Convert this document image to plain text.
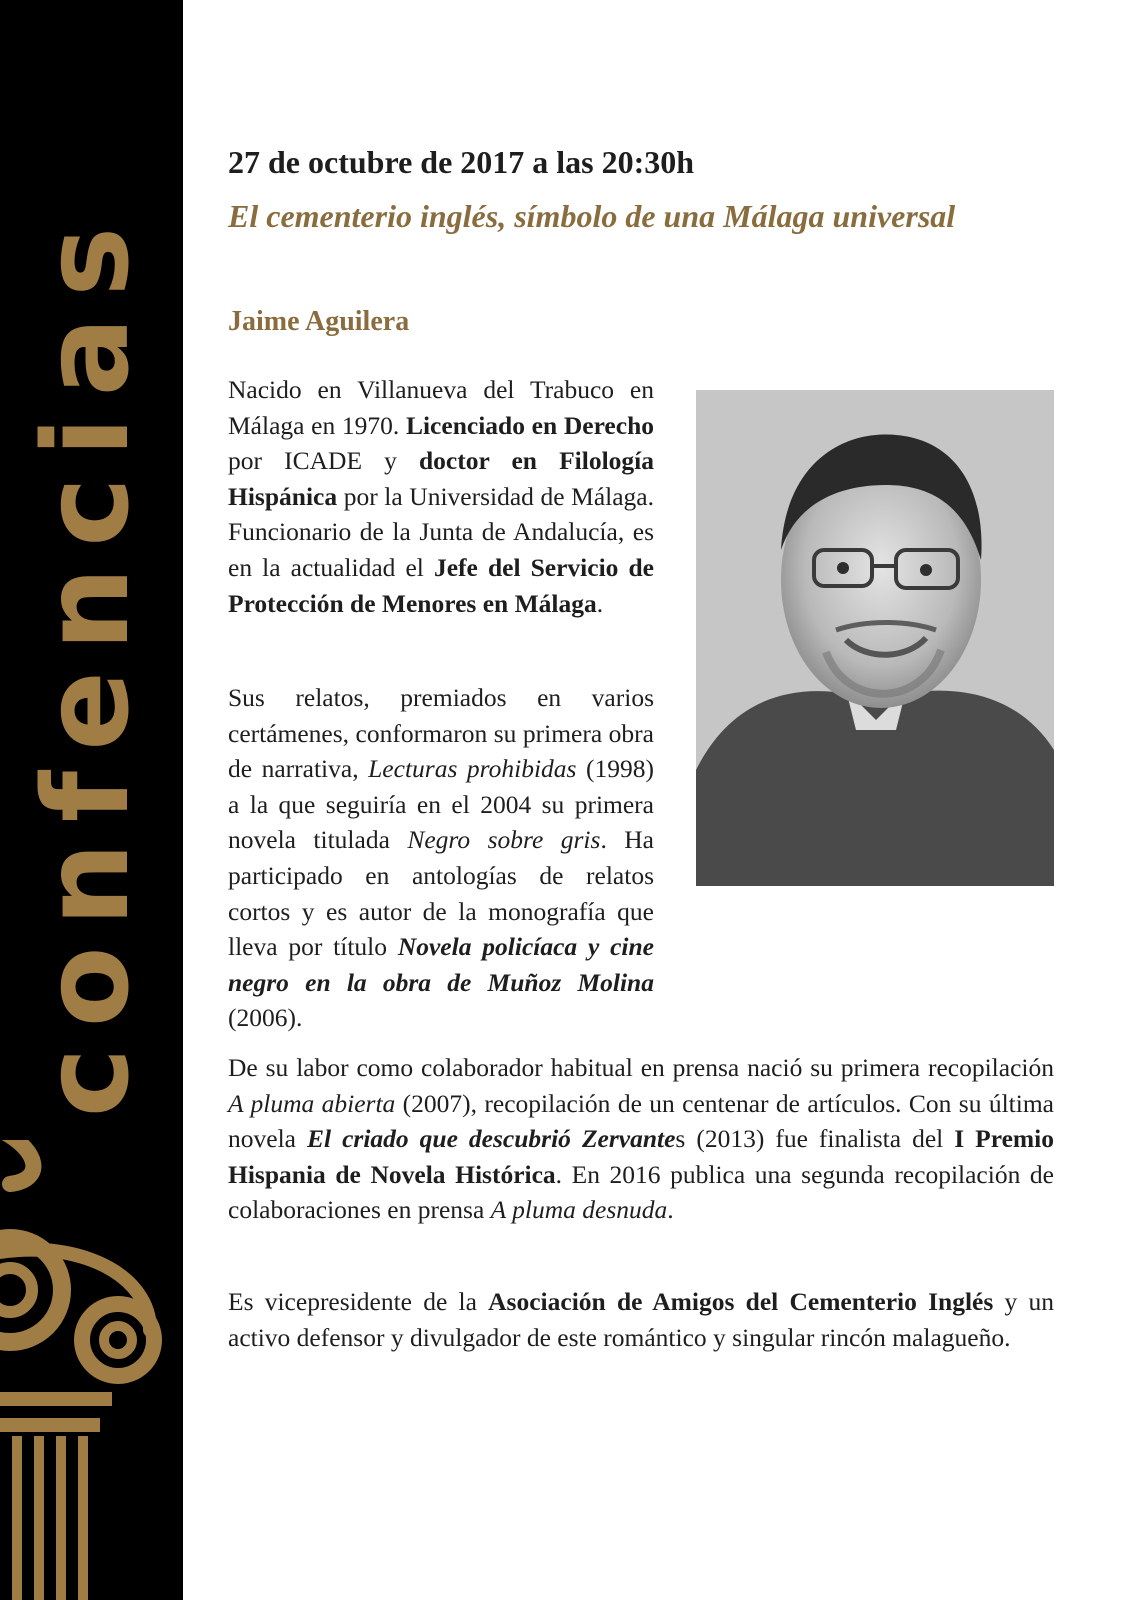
confencias
27 de octubre de 2017 a las 20:30h
El cementerio inglés, símbolo de una Málaga universal
Jaime Aguilera

Nacido en Villanueva del Trabuco en Málaga en 1970. Licenciado en Derecho por ICADE y doctor en Filología Hispánica por la Universidad de Málaga. Funcionario de la Junta de Andalucía, es en la actualidad el Jefe del Servicio de Protección de Menores en Málaga.

Sus relatos, premiados en varios certámenes, conformaron su primera obra de narrativa, Lecturas prohibidas (1998) a la que seguiría en el 2004 su primera novela titulada Negro sobre gris. Ha participado en antologías de relatos cortos y es autor de la monografía que lleva por título Novela policíaca y cine negro en la obra de Muñoz Molina (2006).

De su labor como colaborador habitual en prensa nació su primera recopilación A pluma abierta (2007), recopilación de un centenar de artículos. Con su última novela El criado que descubrió Zervantes (2013) fue finalista del I Premio Hispania de Novela Histórica. En 2016 publica una segunda recopilación de colaboraciones en prensa A pluma desnuda.

Es vicepresidente de la Asociación de Amigos del Cementerio Inglés y un activo defensor y divulgador de este romántico y singular rincón malagueño.
